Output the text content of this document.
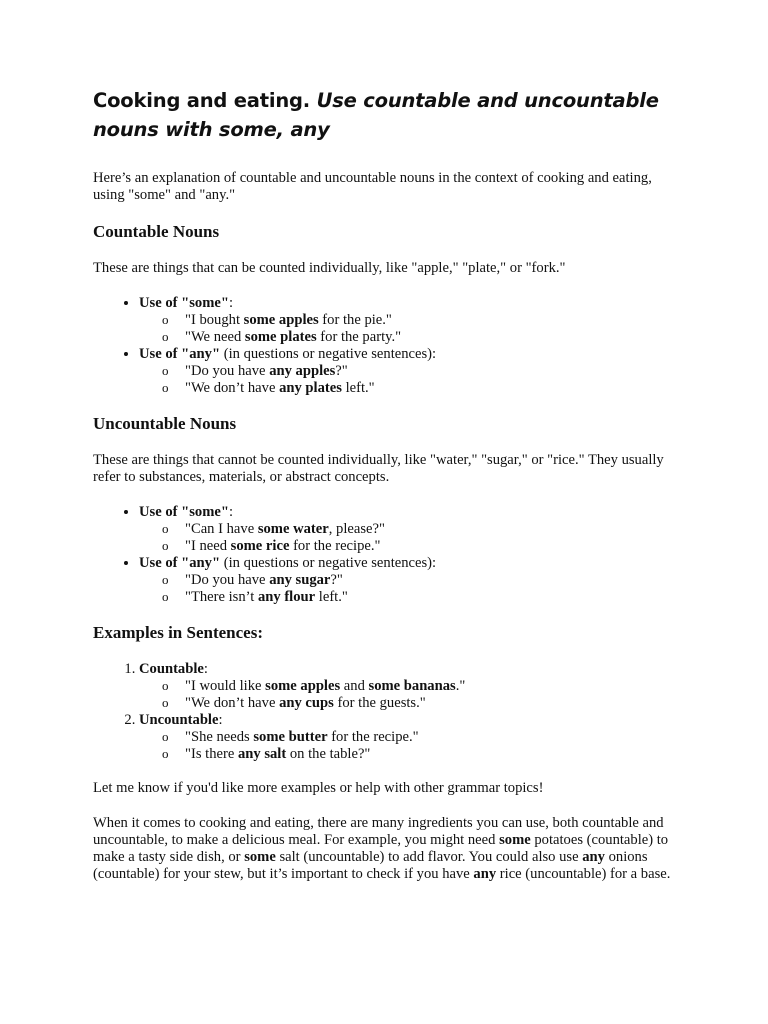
Cooking and eating. Use countable and uncountable nouns with some, any

Here’s an explanation of countable and uncountable nouns in the context of cooking and eating, using "some" and "any."

Countable Nouns

These are things that can be counted individually, like "apple," "plate," or "fork."

• Use of "some":
o "I bought some apples for the pie."
o "We need some plates for the party."
• Use of "any" (in questions or negative sentences):
o "Do you have any apples?"
o "We don’t have any plates left."
Uncountable Nouns

These are things that cannot be counted individually, like "water," "sugar," or "rice." They usually refer to substances, materials, or abstract concepts.

• Use of "some":
o "Can I have some water, please?"
o "I need some rice for the recipe."
• Use of "any" (in questions or negative sentences):
o "Do you have any sugar?"
o "There isn’t any flour left."
Examples in Sentences:
1. Countable:
o "I would like some apples and some bananas."
o "We don’t have any cups for the guests."
2. Uncountable:
o "She needs some butter for the recipe."
o "Is there any salt on the table?"

Let me know if you'd like more examples or help with other grammar topics!

When it comes to cooking and eating, there are many ingredients you can use, both countable and uncountable, to make a delicious meal. For example, you might need some potatoes (countable) to make a tasty side dish, or some salt (uncountable) to add flavor. You could also use any onions (countable) for your stew, but it’s important to check if you have any rice (uncountable) for a base.
